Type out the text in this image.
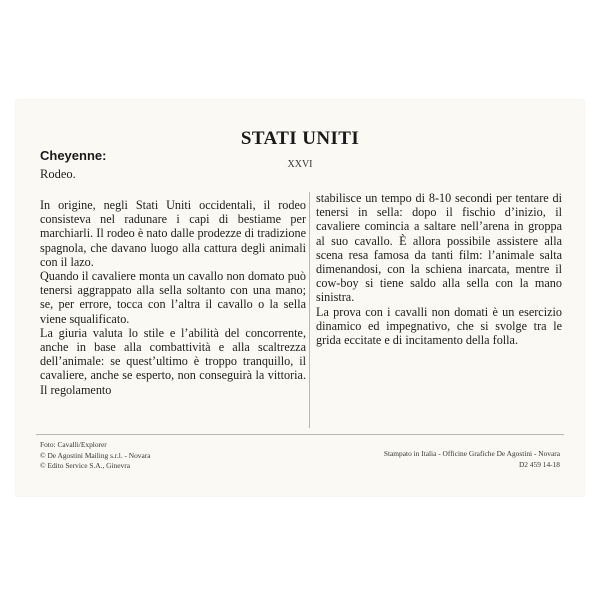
STATI UNITI
XXVI
Cheyenne:
Rodeo.

In origine, negli Stati Uniti occidentali, il rodeo consisteva nel radunare i capi di bestiame per marchiarli. Il rodeo è nato dalle prodezze di tradizione spagnola, che davano luogo alla cattura degli animali con il lazo.

Quando il cavaliere monta un cavallo non domato può tenersi aggrappato alla sella soltanto con una mano; se, per errore, tocca con l’altra il cavallo o la sella viene squalificato.

La giuria valuta lo stile e l’abilità del concorrente, anche in base alla combattività e alla scaltrezza dell’animale: se quest’ultimo è troppo tranquillo, il cavaliere, anche se esperto, non conseguirà la vittoria. Il regolamento

stabilisce un tempo di 8-10 secondi per tentare di tenersi in sella: dopo il fischio d’inizio, il cavaliere comincia a saltare nell’arena in groppa al suo cavallo. È allora possibile assistere alla scena resa famosa da tanti film: l’animale salta dimenandosi, con la schiena inarcata, mentre il cow-boy si tiene saldo alla sella con la mano sinistra.

La prova con i cavalli non domati è un esercizio dinamico ed impegnativo, che si svolge tra le grida eccitate e di incitamento della folla.

Foto: Cavalli/Explorer
© De Agostini Mailing s.r.l. - Novara
© Edito Service S.A., Ginevra
Stampato in Italia - Officine Grafiche De Agostini - Novara
D2 459 14-18
